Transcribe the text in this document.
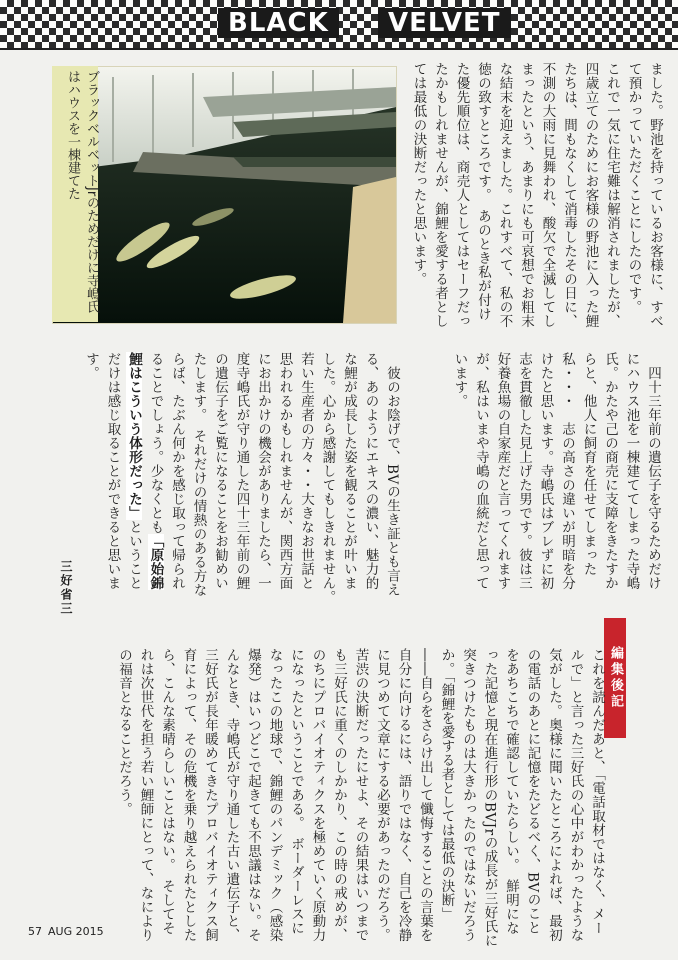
BLACK	VELVET
ブラックベルベットJrのためだけに寺嶋氏はハウスを一棟建てた	ました。野池を持っているお客様に、すべて預かっていただくことにしたのです。　これで一気に住宅難は解消されましたが、四歳立てのためにお客様の野池に入った鯉たちは、間もなくして消毒したその日に、不測の大雨に見舞われ、酸欠で全滅してしまったという、あまりにも可哀想でお粗末な結末を迎えました。これすべて、私の不徳の致すところです。　あのとき私が付けた優先順位は、商売人としてはセーフだったかもしれませんが、錦鯉を愛する者としては最低の決断だったと思います。
　四十三年前の遺伝子を守るためだけにハウス池を一棟建ててしまった寺嶋氏。かたや己の商売に支障をきたすからと、他人に飼育を任せてしまった私・・・　志の高さの違いが明暗を分けたと思います。寺嶋氏はブレずに初志を貫徹した見上げた男です。彼は三好養魚場の自家産だと言ってくれますが、私はいまや寺嶋の血統だと思っています。
　彼のお陰げで、BVの生き証とも言える、あのようにエキスの濃い、魅力的な鯉が成長した姿を観ることが叶いました。心から感謝してもしきれません。　若い生産者の方々・・大きなお世話と思われるかもしれませんが、関西方面にお出かけの機会がありましたら、一度寺嶋氏が守り通した四十三年前の鯉の遺伝子をご覧になることをお勧めいたします。　それだけの情熱のある方ならば、たぶん何かを感じ取って帰られることでしょう。少なくとも「原始錦鯉はこういう体形だった」ということだけは感じ取ることができると思います。
三好省三
編集後記
これを読んだあと、「電話取材ではなく、メールで」と言った三好氏の心中がわかったような気がした。奥様に聞いたところによれば、最初の電話のあとに記憶をたどるべく、BVのことをあちこちで確認していたらしい。　鮮明になった記憶と現在進行形のBVJrの成長が三好氏に突きつけたものは大きかったのではないだろうか。「錦鯉を愛する者としては最低の決断」――自らをさらけ出して懺悔することの言葉を自分に向けるには、語りではなく、自己を冷静に見つめて文章にする必要があったのだろう。苦渋の決断だったにせよ、その結果はいつまでも三好氏に重くのしかかり、この時の戒めが、のちにプロバイオティクスを極めていく原動力になったということである。　ボーダーレスになったこの地球で、錦鯉のパンデミック（感染爆発）はいつどこで起きても不思議はない。そんなとき、寺嶋氏が守り通した古い遺伝子と、三好氏が長年暖めてきたプロバイオティクス飼育によって、その危機を乗り越えられたとしたら、こんな素晴らしいことはない。　そしてそれは次世代を担う若い鯉師にとって、なによりの福音となることだろう。
57 AUG 2015
